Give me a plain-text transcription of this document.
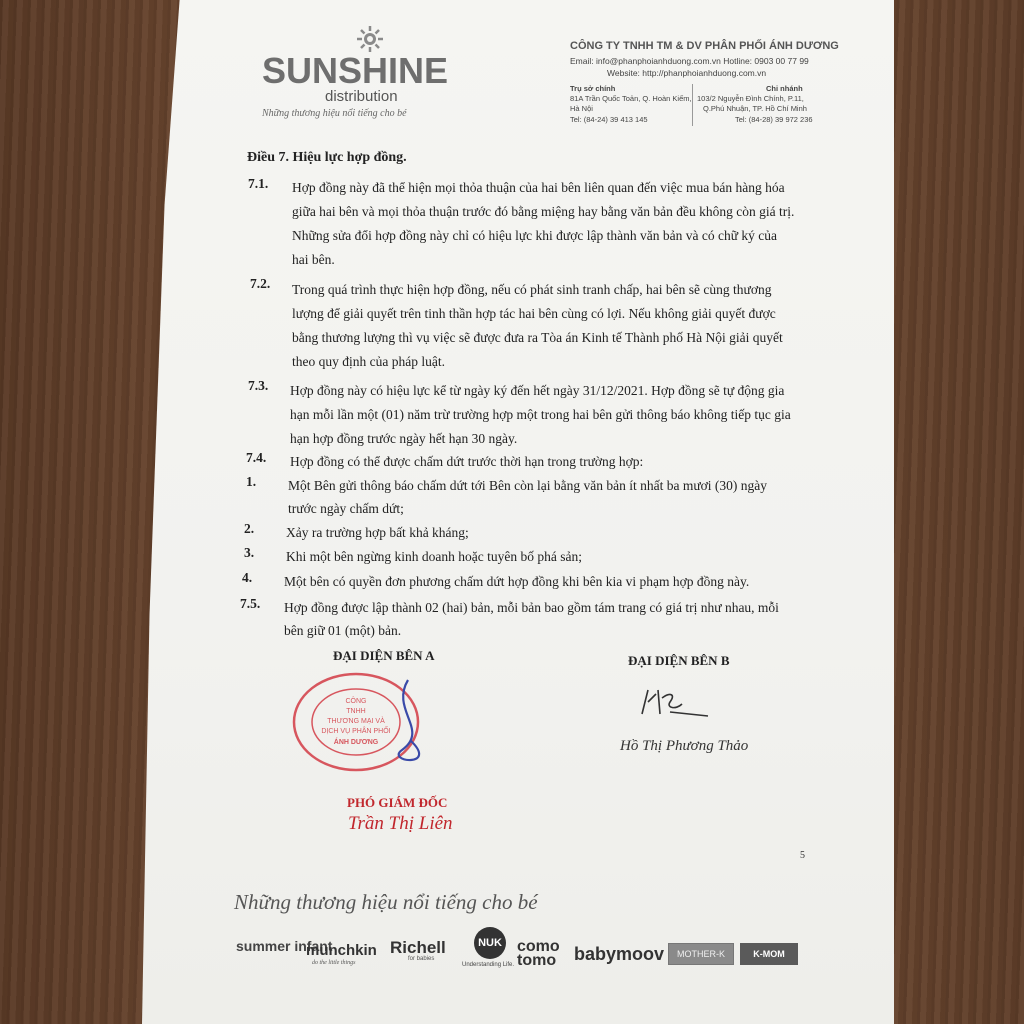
SUNSHINE
distribution
Những thương hiệu nổi tiếng cho bé
CÔNG TY TNHH TM & DV PHÂN PHỐI ÁNH DƯƠNG
Email: info@phanphoianhduong.com.vn Hotline: 0903 00 77 99
Website: http://phanphoianhduong.com.vn
Trụ sở chính
81A Trần Quốc Toản, Q. Hoàn Kiếm,
Hà Nội
Tel: (84-24) 39 413 145
Chi nhánh
103/2 Nguyễn Đình Chính, P.11,
Q.Phú Nhuận, TP. Hồ Chí Minh
Tel: (84-28) 39 972 236
Điều 7. Hiệu lực hợp đồng.
7.1. Hợp đồng này đã thể hiện mọi thỏa thuận của hai bên liên quan đến việc mua bán hàng hóa
giữa hai bên và mọi thỏa thuận trước đó bằng miệng hay bằng văn bản đều không còn giá trị.
Những sửa đổi hợp đồng này chỉ có hiệu lực khi được lập thành văn bản và có chữ ký của
hai bên.
7.2. Trong quá trình thực hiện hợp đồng, nếu có phát sinh tranh chấp, hai bên sẽ cùng thương
lượng để giải quyết trên tinh thần hợp tác hai bên cùng có lợi. Nếu không giải quyết được
bằng thương lượng thì vụ việc sẽ được đưa ra Tòa án Kinh tế Thành phố Hà Nội giải quyết
theo quy định của pháp luật.
7.3. Hợp đồng này có hiệu lực kể từ ngày ký đến hết ngày 31/12/2021. Hợp đồng sẽ tự động gia
hạn mỗi lần một (01) năm trừ trường hợp một trong hai bên gửi thông báo không tiếp tục gia
hạn hợp đồng trước ngày hết hạn 30 ngày.
7.4. Hợp đồng có thể được chấm dứt trước thời hạn trong trường hợp:
1. Một Bên gửi thông báo chấm dứt tới Bên còn lại bằng văn bản ít nhất ba mươi (30) ngày
trước ngày chấm dứt;
2. Xảy ra trường hợp bất khả kháng;
3. Khi một bên ngừng kinh doanh hoặc tuyên bố phá sản;
4. Một bên có quyền đơn phương chấm dứt hợp đồng khi bên kia vi phạm hợp đồng này.
7.5. Hợp đồng được lập thành 02 (hai) bản, mỗi bản bao gồm tám trang có giá trị như nhau, mỗi
bên giữ 01 (một) bản.
ĐẠI DIỆN BÊN A	ĐẠI DIỆN BÊN B
CÔNG
TNHH
THƯƠNG MẠI VÀ
DỊCH VỤ PHÂN PHỐI
ÁNH DƯƠNG
PHÓ GIÁM ĐỐC
Trần Thị Liên
Hồ Thị Phương Thảo
5
Những thương hiệu nổi tiếng cho bé
summer infant
munchkin
do the little things
Richell
for babies
NUK
Understanding Life.
como tomo babymoov	MOTHER-K	K-MOM
